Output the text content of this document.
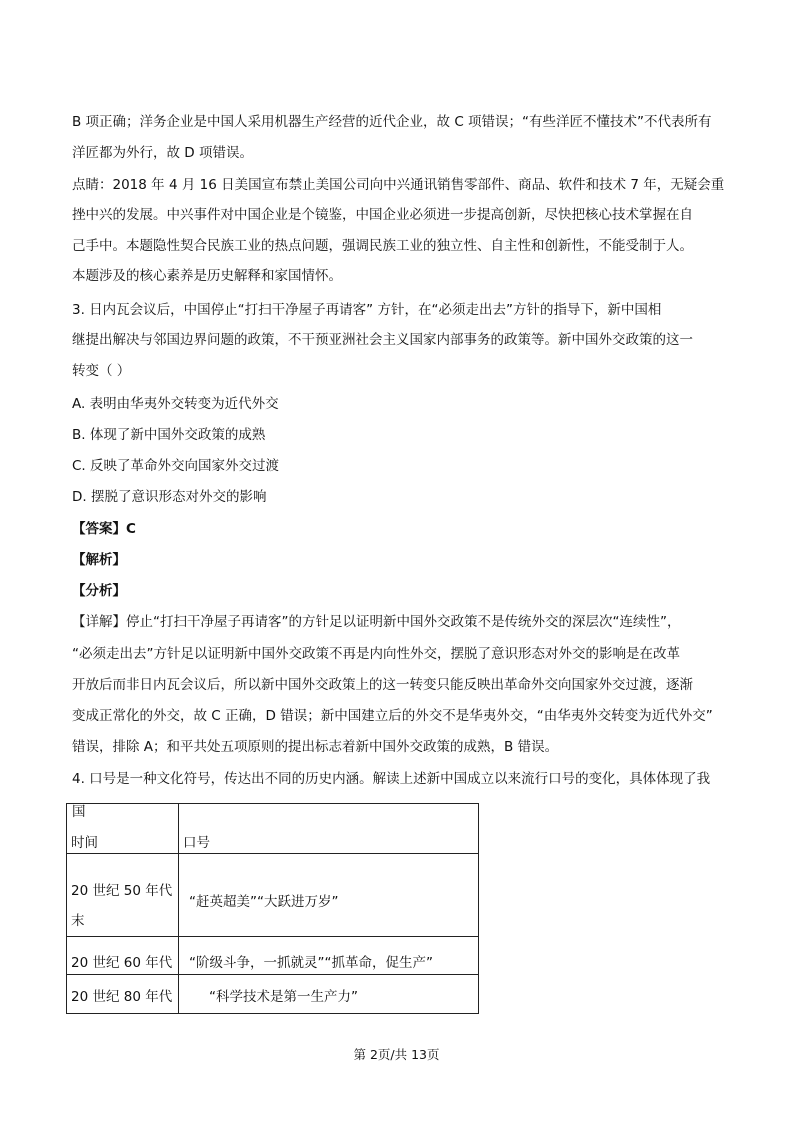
B 项正确；洋务企业是中国人采用机器生产经营的近代企业，故 C 项错误；“有些洋匠不懂技术”不代表所有
洋匠都为外行，故 D 项错误。
点睛：2018 年 4 月 16 日美国宣布禁止美国公司向中兴通讯销售零部件、商品、软件和技术 7 年，无疑会重
挫中兴的发展。中兴事件对中国企业是个镜鉴，中国企业必须进一步提高创新，尽快把核心技术掌握在自
己手中。本题隐性契合民族工业的热点问题，强调民族工业的独立性、自主性和创新性，不能受制于人。
本题涉及的核心素养是历史解释和家国情怀。
3. 日内瓦会议后，中国停止“打扫干净屋子再请客” 方针，在“必须走出去”方针的指导下，新中国相
继提出解决与邻国边界问题的政策，不干预亚洲社会主义国家内部事务的政策等。新中国外交政策的这一
转变（ ）
A. 表明由华夷外交转变为近代外交
B. 体现了新中国外交政策的成熟
C. 反映了革命外交向国家外交过渡
D. 摆脱了意识形态对外交的影响
【答案】C
【解析】
【分析】
【详解】停止“打扫干净屋子再请客”的方针足以证明新中国外交政策不是传统外交的深层次“连续性”，
“必须走出去”方针足以证明新中国外交政策不再是内向性外交，摆脱了意识形态对外交的影响是在改革
开放后而非日内瓦会议后，所以新中国外交政策上的这一转变只能反映出革命外交向国家外交过渡，逐渐
变成正常化的外交，故 C 正确，D 错误；新中国建立后的外交不是华夷外交，“由华夷外交转变为近代外交”
错误，排除 A；和平共处五项原则的提出标志着新中国外交政策的成熟，B 错误。
4. 口号是一种文化符号，传达出不同的历史内涵。解读上述新中国成立以来流行口号的变化，具体体现了我
国
时间	口号
20 世纪 50 年代末	“赶英超美”“大跃进万岁”
20 世纪 60 年代	“阶级斗争，一抓就灵”“抓革命，促生产”
20 世纪 80 年代	“科学技术是第一生产力”
第 2页/共 13页
